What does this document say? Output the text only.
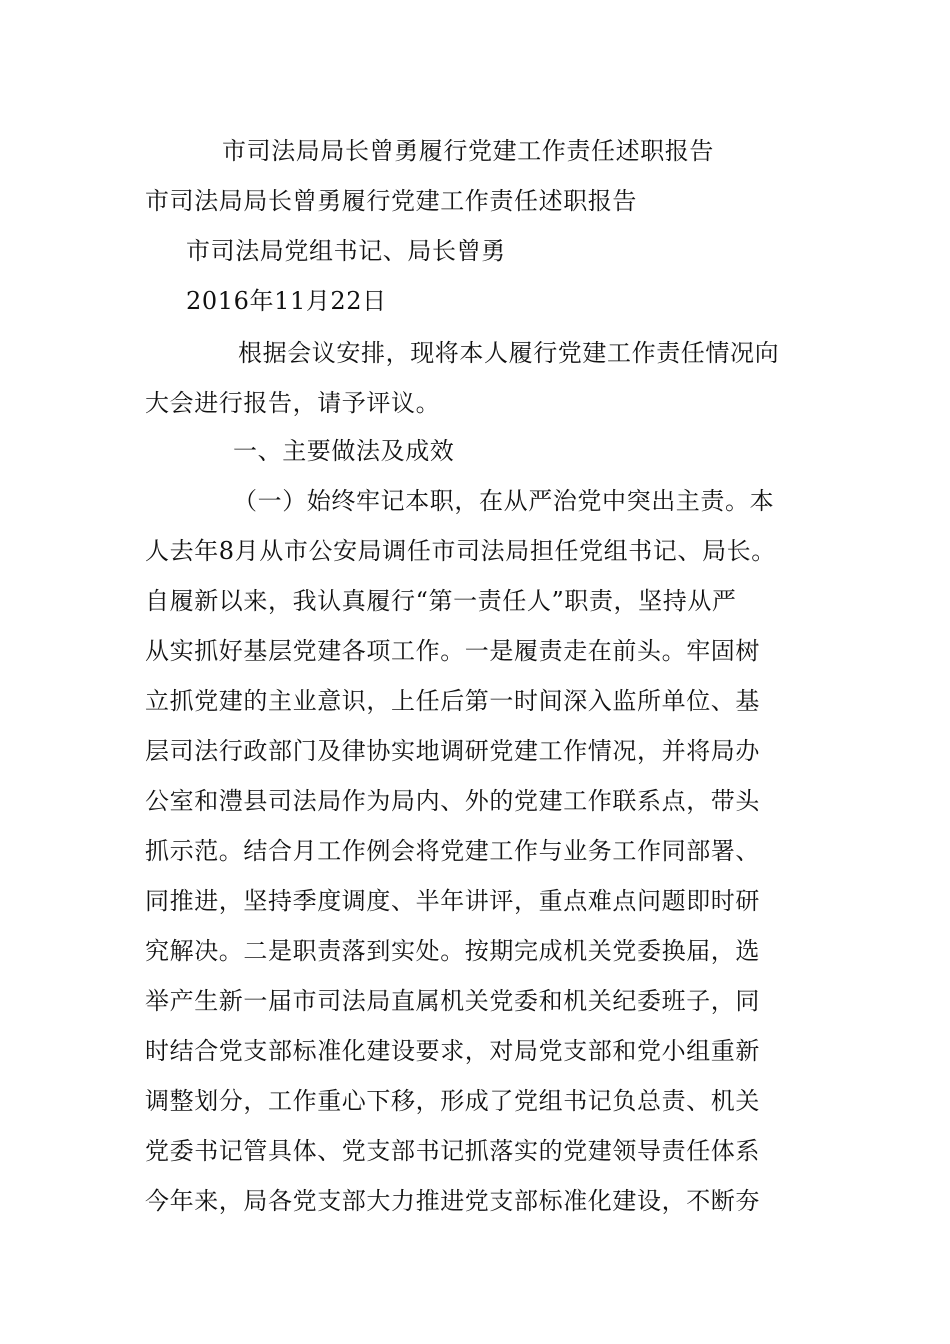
市司法局局长曾勇履行党建工作责任述职报告
市司法局局长曾勇履行党建工作责任述职报告
市司法局党组书记、局长曾勇
2016年11月22日
根据会议安排，现将本人履行党建工作责任情况向
大会进行报告，请予评议。
一、主要做法及成效
（一）始终牢记本职，在从严治党中突出主责。本
人去年8月从市公安局调任市司法局担任党组书记、局长。
自履新以来，我认真履行“第一责任人”职责，坚持从严
从实抓好基层党建各项工作。一是履责走在前头。牢固树
立抓党建的主业意识，上任后第一时间深入监所单位、基
层司法行政部门及律协实地调研党建工作情况，并将局办
公室和澧县司法局作为局内、外的党建工作联系点，带头
抓示范。结合月工作例会将党建工作与业务工作同部署、
同推进，坚持季度调度、半年讲评，重点难点问题即时研
究解决。二是职责落到实处。按期完成机关党委换届，选
举产生新一届市司法局直属机关党委和机关纪委班子，同
时结合党支部标准化建设要求，对局党支部和党小组重新
调整划分，工作重心下移，形成了党组书记负总责、机关
党委书记管具体、党支部书记抓落实的党建领导责任体系
今年来，局各党支部大力推进党支部标准化建设，不断夯
